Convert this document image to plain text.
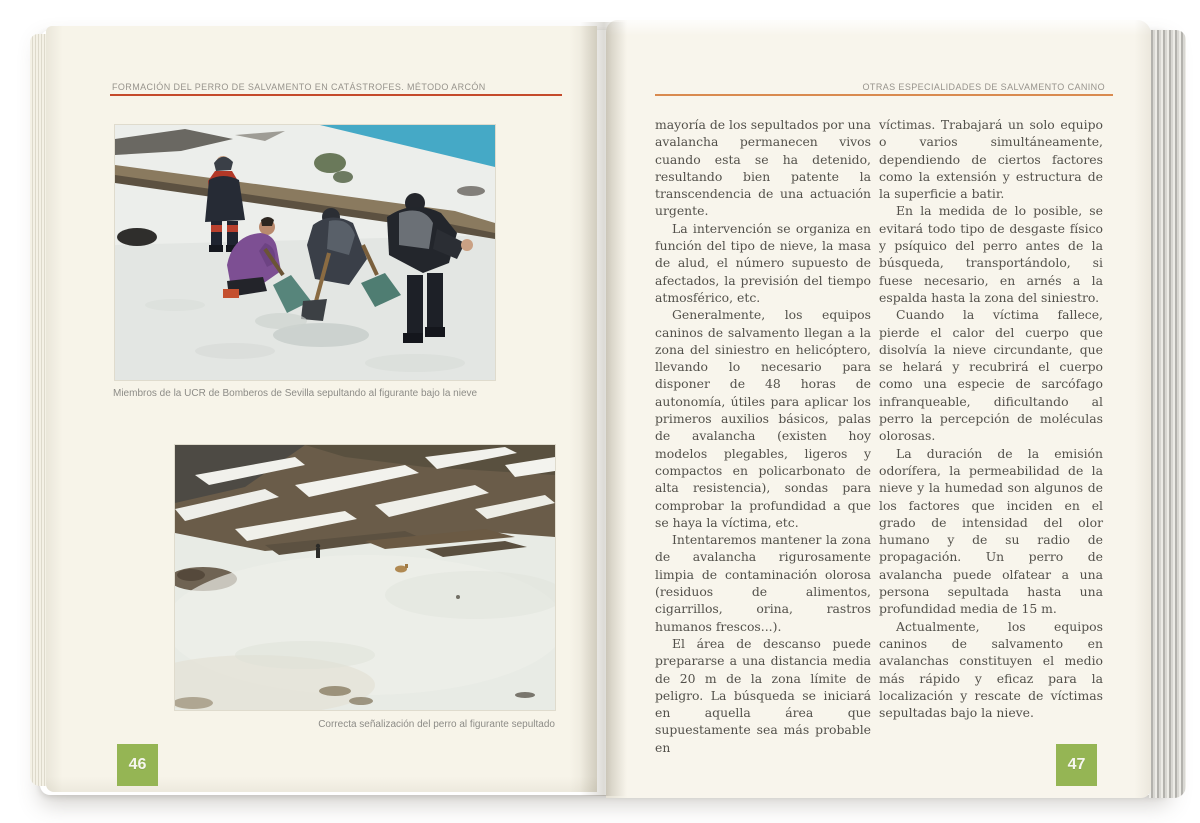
FORMACIÓN DEL PERRO DE SALVAMENTO EN CATÁSTROFES. MÉTODO ARCÓN
Miembros de la UCR de Bomberos de Sevilla sepultando al figurante bajo la nieve
Correcta señalización del perro al figurante sepultado
46
OTRAS ESPECIALIDADES DE SALVAMENTO CANINO

mayoría de los sepultados por una avalancha permanecen vivos cuando esta se ha detenido, resultando bien patente la transcendencia de una actuación urgente.

La intervención se organiza en función del tipo de nieve, la masa de alud, el número supuesto de afectados, la previsión del tiempo atmosférico, etc.

Generalmente, los equipos caninos de salvamento llegan a la zona del siniestro en helicóptero, llevando lo necesario para disponer de 48 horas de autonomía, útiles para aplicar los primeros auxilios básicos, palas de avalancha (existen hoy modelos plegables, ligeros y compactos en policarbonato de alta resistencia), sondas para comprobar la profundidad a que se haya la víctima, etc.

Intentaremos mantener la zona de avalancha rigurosamente limpia de contaminación olorosa (residuos de alimentos, cigarrillos, orina, rastros humanos frescos...).

El área de descanso puede prepararse a una distancia media de 20 m de la zona límite de peligro. La búsqueda se iniciará en aquella área que supuestamente sea más probable en

víctimas. Trabajará un solo equipo o varios simultáneamente, dependiendo de ciertos factores como la extensión y estructura de la superficie a batir.

En la medida de lo posible, se evitará todo tipo de desgaste físico y psíquico del perro antes de la búsqueda, transportándolo, si fuese necesario, en arnés a la espalda hasta la zona del siniestro.

Cuando la víctima fallece, pierde el calor del cuerpo que disolvía la nieve circundante, que se helará y recubrirá el cuerpo como una especie de sarcófago infranqueable, dificultando al perro la percepción de moléculas olorosas.

La duración de la emisión odorífera, la permeabilidad de la nieve y la humedad son algunos de los factores que inciden en el grado de intensidad del olor humano y de su radio de propagación. Un perro de avalancha puede olfatear a una persona sepultada hasta una profundidad media de 15 m.

Actualmente, los equipos caninos de salvamento en avalanchas constituyen el medio más rápido y eficaz para la localización y rescate de víctimas sepultadas bajo la nieve.

47
